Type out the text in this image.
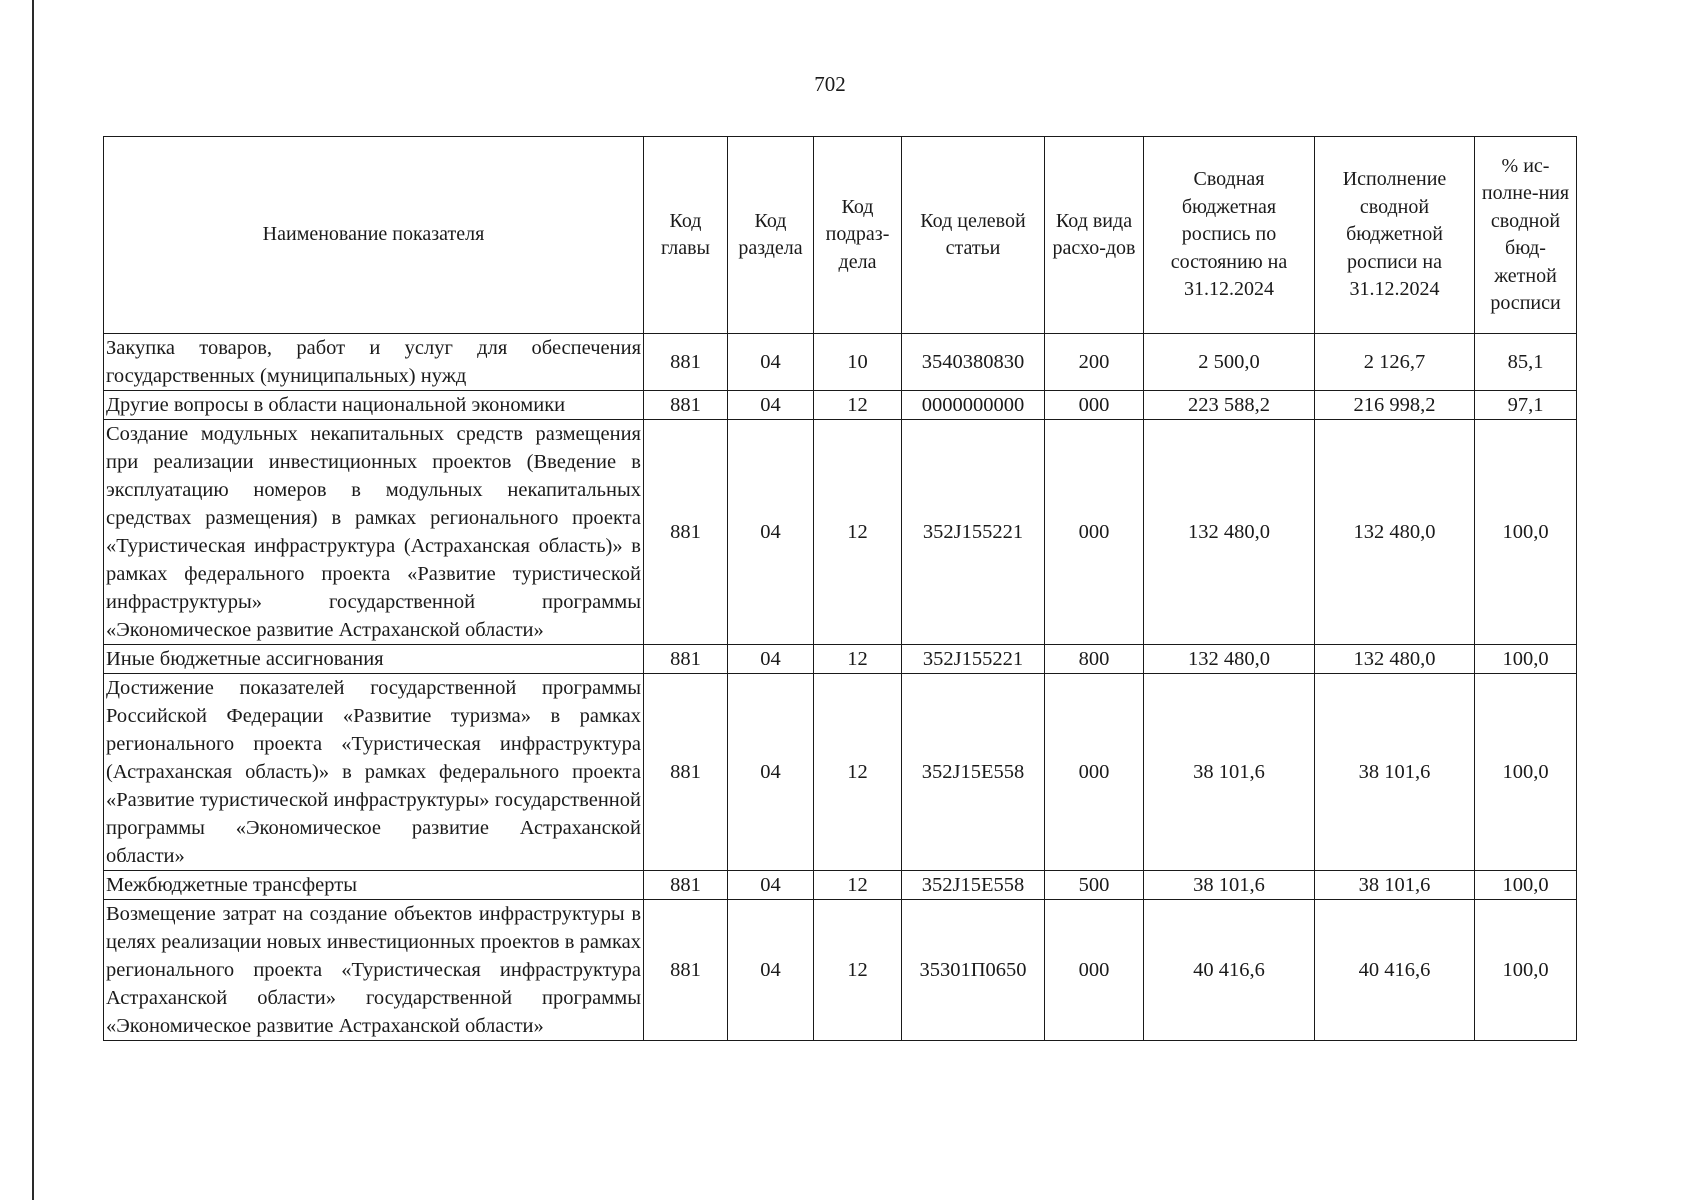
702
Наименование показателя	Код главы	Код раздела	Код подраз-дела	Код целевой статьи	Код вида расхо-дов	Сводная бюджетная роспись по состоянию на 31.12.2024	Исполнение сводной бюджетной росписи на 31.12.2024	% ис-полне-ния сводной бюд-жетной росписи
Закупка товаров, работ и услуг для обеспечения государственных (муниципальных) нужд	881	04	10	3540380830	200	2 500,0	2 126,7	85,1
Другие вопросы в области национальной экономики	881	04	12	0000000000	000	223 588,2	216 998,2	97,1
Создание модульных некапитальных средств размещения при реализации инвестиционных проектов (Введение в эксплуатацию номеров в модульных некапитальных средствах размещения) в рамках регионального проекта «Туристическая инфраструктура (Астраханская область)» в рамках федерального проекта «Развитие туристической инфраструктуры» государственной программы «Экономическое развитие Астраханской области»	881	04	12	352J155221	000	132 480,0	132 480,0	100,0
Иные бюджетные ассигнования	881	04	12	352J155221	800	132 480,0	132 480,0	100,0
Достижение показателей государственной программы Российской Федерации «Развитие туризма» в рамках регионального проекта «Туристическая инфраструктура (Астраханская область)» в рамках федерального проекта «Развитие туристической инфраструктуры» государственной программы «Экономическое развитие Астраханской области»	881	04	12	352J15E558	000	38 101,6	38 101,6	100,0
Межбюджетные трансферты	881	04	12	352J15E558	500	38 101,6	38 101,6	100,0
Возмещение затрат на создание объектов инфраструктуры в целях реализации новых инвестиционных проектов в рамках регионального проекта «Туристическая инфраструктура Астраханской области» государственной программы «Экономическое развитие Астраханской области»	881	04	12	35301П0650	000	40 416,6	40 416,6	100,0
